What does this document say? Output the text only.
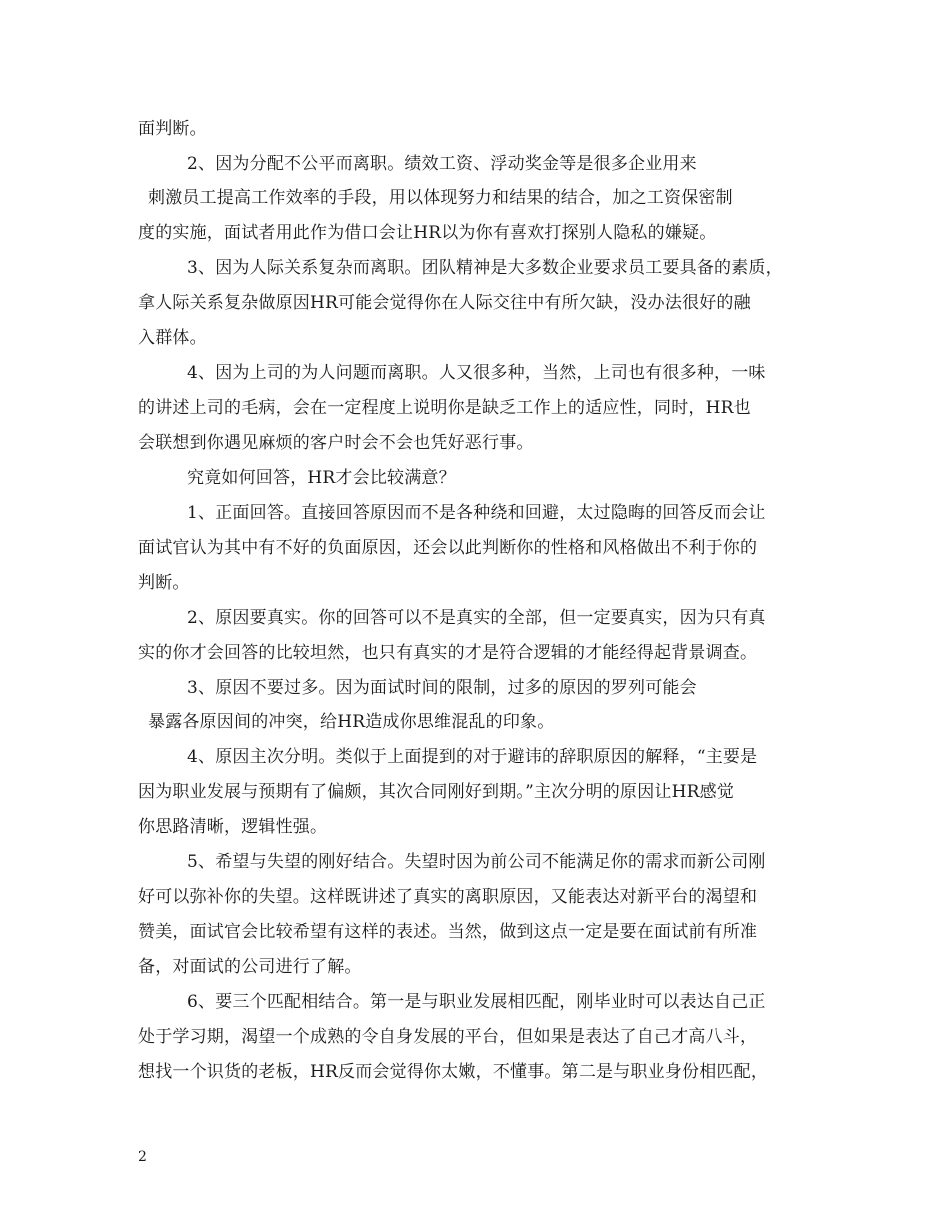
面判断。
2、因为分配不公平而离职。绩效工资、浮动奖金等是很多企业用来
刺激员工提高工作效率的手段，用以体现努力和结果的结合，加之工资保密制
度的实施，面试者用此作为借口会让HR以为你有喜欢打探别人隐私的嫌疑。
3、因为人际关系复杂而离职。团队精神是大多数企业要求员工要具备的素质，
拿人际关系复杂做原因HR可能会觉得你在人际交往中有所欠缺，没办法很好的融
入群体。
4、因为上司的为人问题而离职。人又很多种，当然，上司也有很多种，一味
的讲述上司的毛病，会在一定程度上说明你是缺乏工作上的适应性，同时，HR也
会联想到你遇见麻烦的客户时会不会也凭好恶行事。
究竟如何回答，HR才会比较满意？
1、正面回答。直接回答原因而不是各种绕和回避，太过隐晦的回答反而会让
面试官认为其中有不好的负面原因，还会以此判断你的性格和风格做出不利于你的
判断。
2、原因要真实。你的回答可以不是真实的全部，但一定要真实，因为只有真
实的你才会回答的比较坦然，也只有真实的才是符合逻辑的才能经得起背景调查。
3、原因不要过多。因为面试时间的限制，过多的原因的罗列可能会
暴露各原因间的冲突，给HR造成你思维混乱的印象。
4、原因主次分明。类似于上面提到的对于避讳的辞职原因的解释，“主要是
因为职业发展与预期有了偏颇，其次合同刚好到期。”主次分明的原因让HR感觉
你思路清晰，逻辑性强。
5、希望与失望的刚好结合。失望时因为前公司不能满足你的需求而新公司刚
好可以弥补你的失望。这样既讲述了真实的离职原因，又能表达对新平台的渴望和
赞美，面试官会比较希望有这样的表述。当然，做到这点一定是要在面试前有所准
备，对面试的公司进行了解。
6、要三个匹配相结合。第一是与职业发展相匹配，刚毕业时可以表达自己正
处于学习期，渴望一个成熟的令自身发展的平台，但如果是表达了自己才高八斗，
想找一个识货的老板，HR反而会觉得你太嫩，不懂事。第二是与职业身份相匹配，
2
